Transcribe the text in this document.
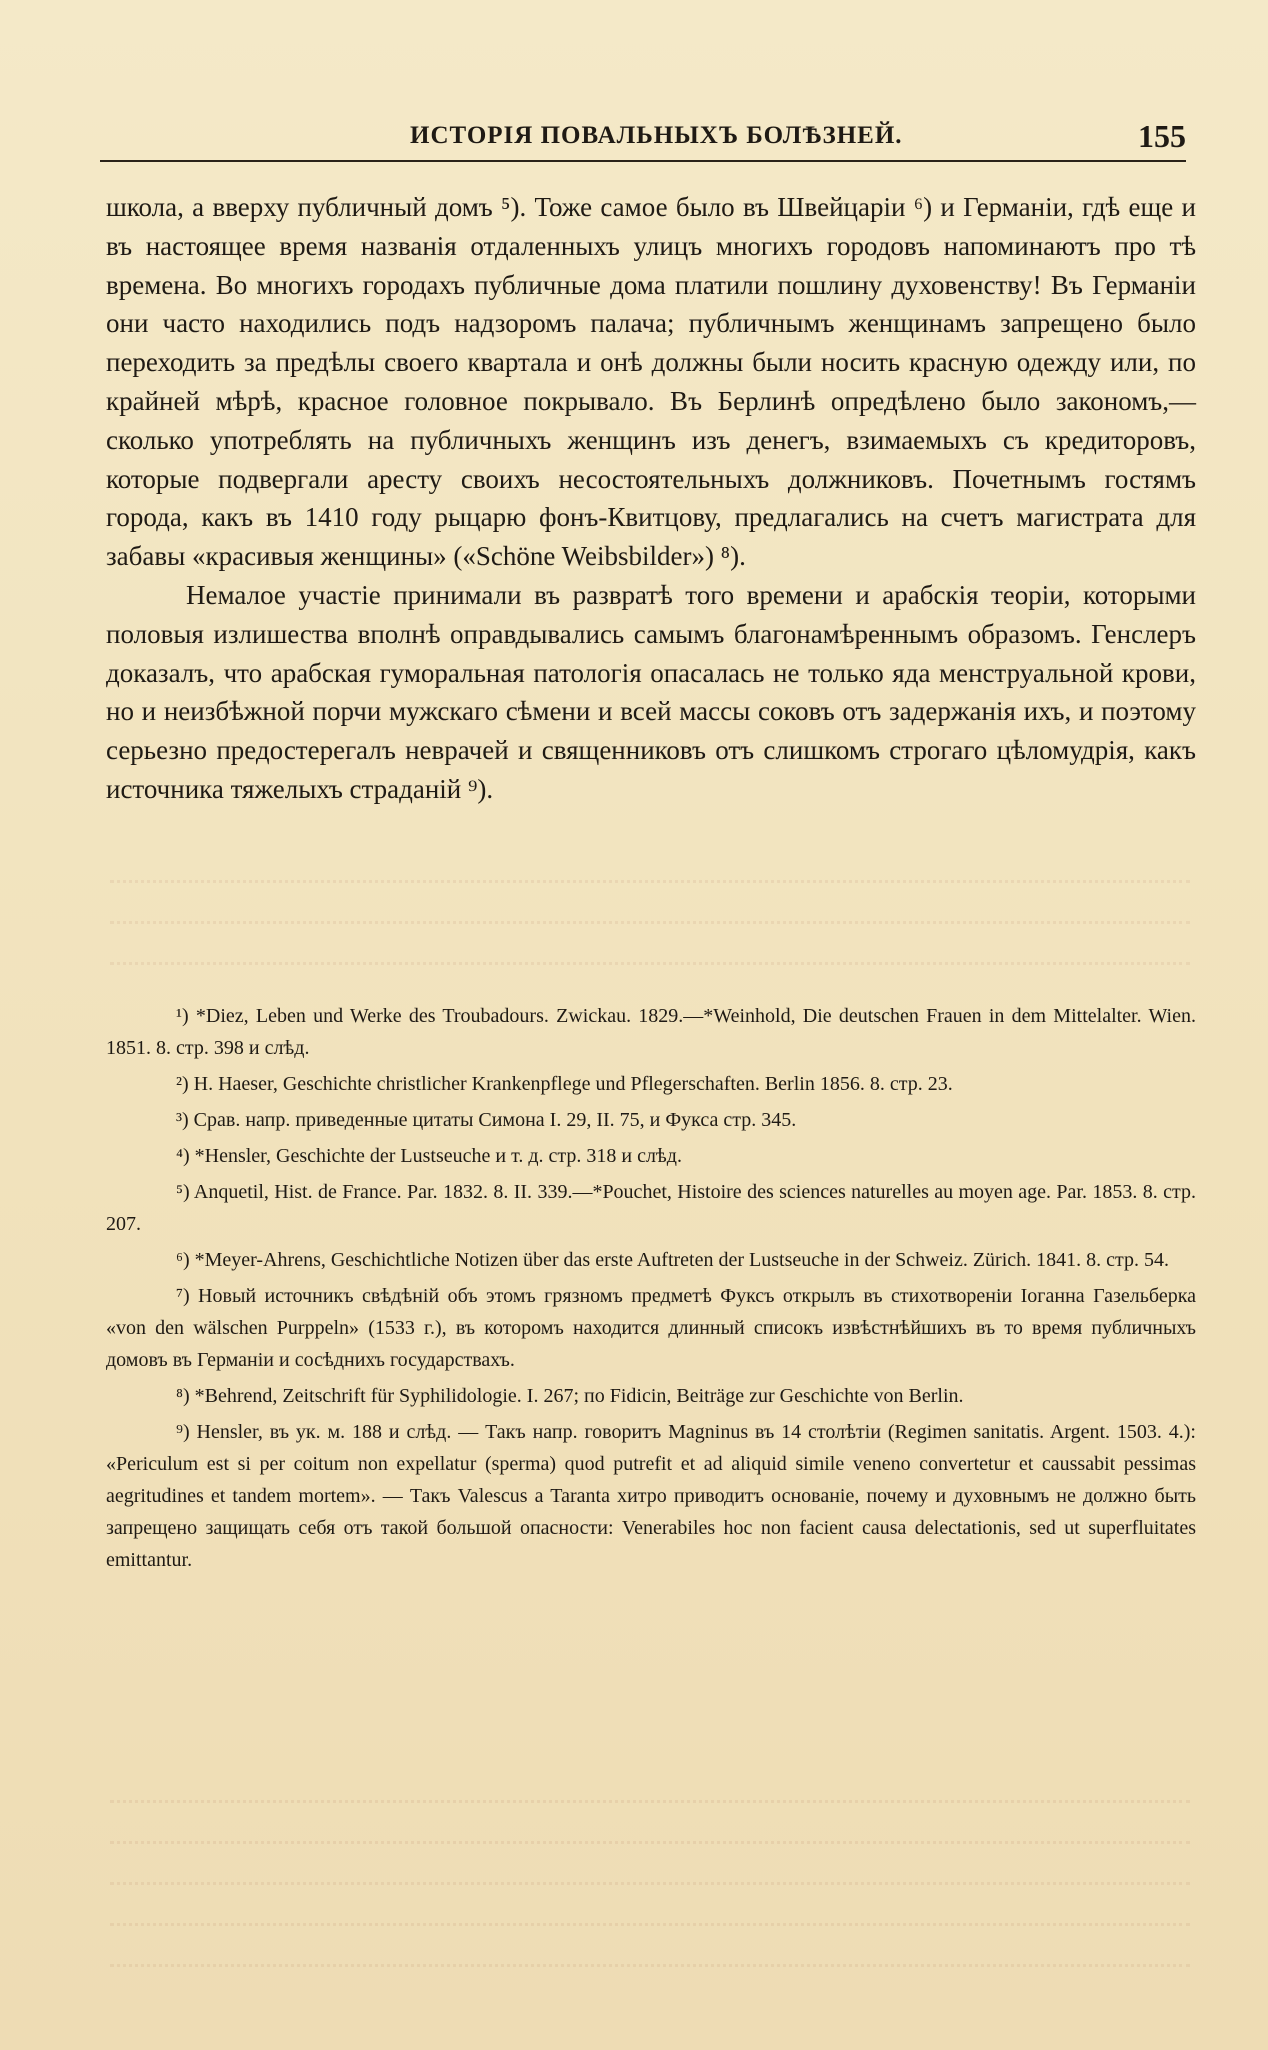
ИСТОРІЯ ПОВАЛЬНЫХЪ БОЛѢЗНЕЙ.	155

школа, а вверху публичный домъ ⁵). Тоже самое было въ Швейцаріи ⁶) и Германіи, гдѣ еще и въ настоящее время названія отдаленныхъ улицъ многихъ городовъ напоминаютъ про тѣ времена. Во многихъ городахъ публичные дома платили пошлину духовенству! Въ Германіи они часто находились подъ надзоромъ палача; публичнымъ женщинамъ запрещено было переходить за предѣлы своего квартала и онѣ должны были носить красную одежду или, по крайней мѣрѣ, красное головное покрывало. Въ Берлинѣ опредѣлено было закономъ,—сколько употреблять на публичныхъ женщинъ изъ денегъ, взимаемыхъ съ кредиторовъ, которые подвергали аресту своихъ несостоятельныхъ должниковъ. Почетнымъ гостямъ города, какъ въ 1410 году рыцарю фонъ-Квитцову, предлагались на счетъ магистрата для забавы «красивыя женщины» («Schöne Weibsbilder») ⁸).

Немалое участіе принимали въ развратѣ того времени и арабскія теоріи, которыми половыя излишества вполнѣ оправдывались самымъ благонамѣреннымъ образомъ. Генслеръ доказалъ, что арабская гуморальная патологія опасалась не только яда менструальной крови, но и неизбѣжной порчи мужскаго сѣмени и всей массы соковъ отъ задержанія ихъ, и поэтому серьезно предостерегалъ неврачей и священниковъ отъ слишкомъ строгаго цѣломудрія, какъ источника тяжелыхъ страданій ⁹).

¹) *Diez, Leben und Werke des Troubadours. Zwickau. 1829.—*Weinhold, Die deutschen Frauen in dem Mittelalter. Wien. 1851. 8. стр. 398 и слѣд.

²) H. Haeser, Geschichte christlicher Krankenpflege und Pflegerschaften. Berlin 1856. 8. стр. 23.

³) Срав. напр. приведенные цитаты Симона I. 29, II. 75, и Фукса стр. 345.

⁴) *Hensler, Geschichte der Lustseuche и т. д. стр. 318 и слѣд.

⁵) Anquetil, Hist. de France. Par. 1832. 8. II. 339.—*Pouchet, Histoire des sciences naturelles au moyen age. Par. 1853. 8. стр. 207.

⁶) *Meyer-Ahrens, Geschichtliche Notizen über das erste Auftreten der Lustseuche in der Schweiz. Zürich. 1841. 8. стр. 54.

⁷) Новый источникъ свѣдѣній объ этомъ грязномъ предметѣ Фуксъ открылъ въ стихотвореніи Іоганна Газельберка «von den wälschen Purppeln» (1533 г.), въ которомъ находится длинный списокъ извѣстнѣйшихъ въ то время публичныхъ домовъ въ Германіи и сосѣднихъ государствахъ.

⁸) *Behrend, Zeitschrift für Syphilidologie. I. 267; по Fidicin, Beiträge zur Geschichte von Berlin.

⁹) Hensler, въ ук. м. 188 и слѣд. — Такъ напр. говоритъ Magninus въ 14 столѣтіи (Regimen sanitatis. Argent. 1503. 4.): «Periculum est si per coitum non expellatur (sperma) quod putrefit et ad aliquid simile veneno convertetur et caussabit pessimas aegritudines et tandem mortem». — Такъ Valescus a Taranta хитро приводитъ основаніе, почему и духовнымъ не должно быть запрещено защищать себя отъ такой большой опасности: Venerabiles hoc non facient causa delectationis, sed ut superfluitates emittantur.
